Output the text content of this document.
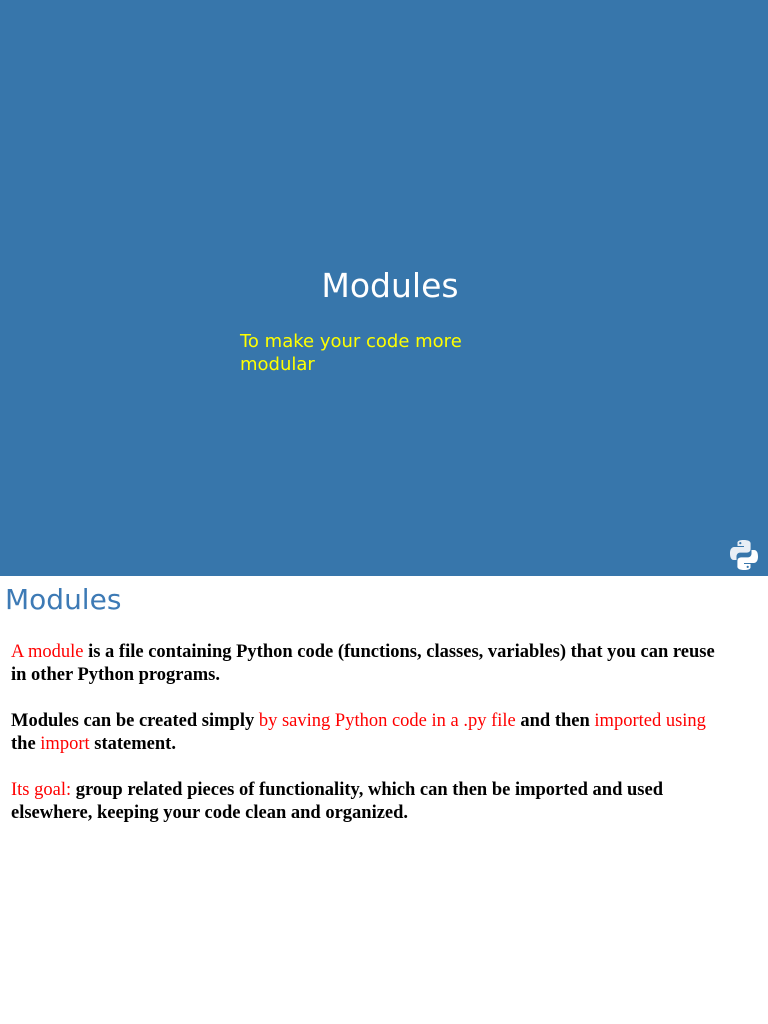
Modules
To make your code more modular
Modules
A module is a file containing Python code (functions, classes, variables) that you can reuse in other Python programs.
Modules can be created simply by saving Python code in a .py file and then imported using the import statement.
Its goal: group related pieces of functionality, which can then be imported and used elsewhere, keeping your code clean and organized.
